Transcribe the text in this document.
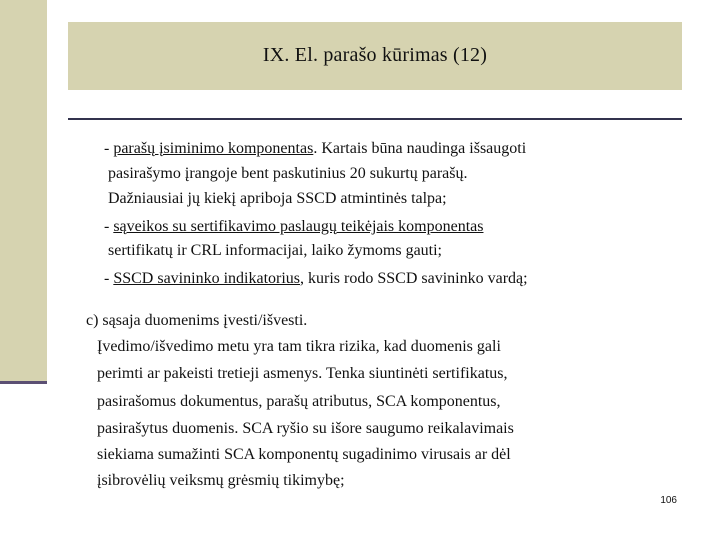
IX. El. parašo kūrimas (12)
- parašų įsiminimo komponentas. Kartais būna naudinga išsaugoti
pasirašymo įrangoje bent paskutinius 20 sukurtų parašų.
Dažniausiai jų kiekį apriboja SSCD atmintinės talpa;
- sąveikos su sertifikavimo paslaugų teikėjais komponentas
sertifikatų ir CRL informacijai, laiko žymoms gauti;
- SSCD savininko indikatorius, kuris rodo SSCD savininko vardą;
c) sąsaja duomenims įvesti/išvesti.
Įvedimo/išvedimo metu yra tam tikra rizika, kad duomenis gali
perimti ar pakeisti tretieji asmenys. Tenka siuntinėti sertifikatus,
pasirašomus dokumentus, parašų atributus, SCA komponentus,
pasirašytus duomenis. SCA ryšio su išore saugumo reikalavimais
siekiama sumažinti SCA komponentų sugadinimo virusais ar dėl
įsibrovėlių veiksmų grėsmių tikimybę;
106
